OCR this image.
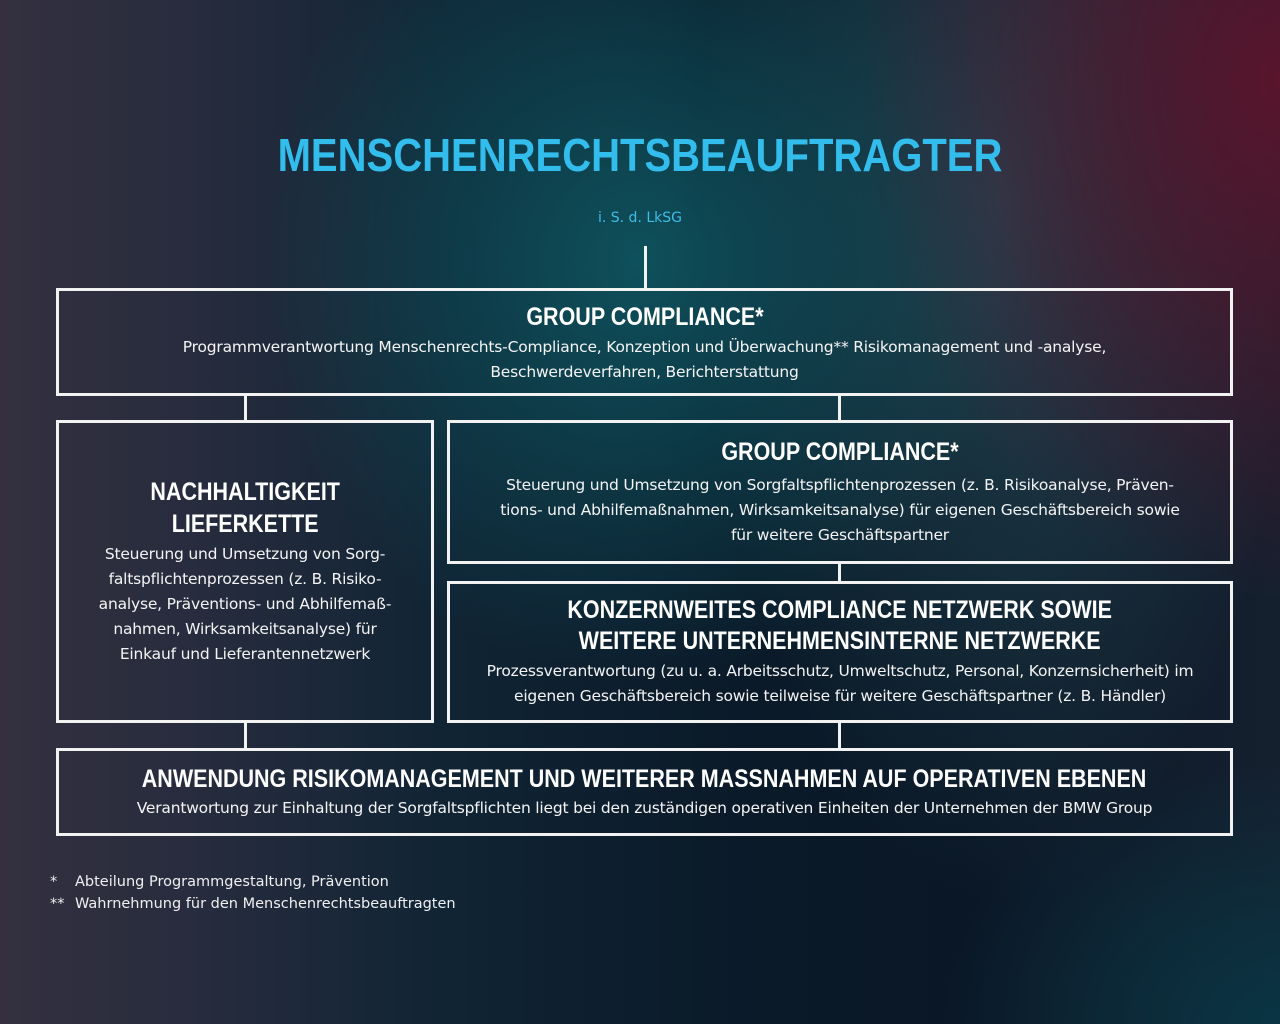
MENSCHENRECHTSBEAUFTRAGTER
i. S. d. LkSG
GROUP COMPLIANCE*
Programmverantwortung Menschenrechts-Compliance, Konzeption und Überwachung** Risikomanagement und -analyse,
Beschwerdeverfahren, Berichterstattung
NACHHALTIGKEIT
LIEFERKETTE
Steuerung und Umsetzung von Sorg-
faltspflichtenprozessen (z. B. Risiko-
analyse, Präventions- und Abhilfemaß-
nahmen, Wirksamkeitsanalyse) für
Einkauf und Lieferantennetzwerk
GROUP COMPLIANCE*
Steuerung und Umsetzung von Sorgfaltspflichtenprozessen (z. B. Risikoanalyse, Präven-
tions- und Abhilfemaßnahmen, Wirksamkeitsanalyse) für eigenen Geschäftsbereich sowie
für weitere Geschäftspartner
KONZERNWEITES COMPLIANCE NETZWERK SOWIE
WEITERE UNTERNEHMENSINTERNE NETZWERKE
Prozessverantwortung (zu u. a. Arbeitsschutz, Umweltschutz, Personal, Konzernsicherheit) im
eigenen Geschäftsbereich sowie teilweise für weitere Geschäftspartner (z. B. Händler)
ANWENDUNG RISIKOMANAGEMENT UND WEITERER MASSNAHMEN AUF OPERATIVEN EBENEN
Verantwortung zur Einhaltung der Sorgfaltspflichten liegt bei den zuständigen operativen Einheiten der Unternehmen der BMW Group
*	Abteilung Programmgestaltung, Prävention
** Wahrnehmung für den Menschenrechtsbeauftragten
